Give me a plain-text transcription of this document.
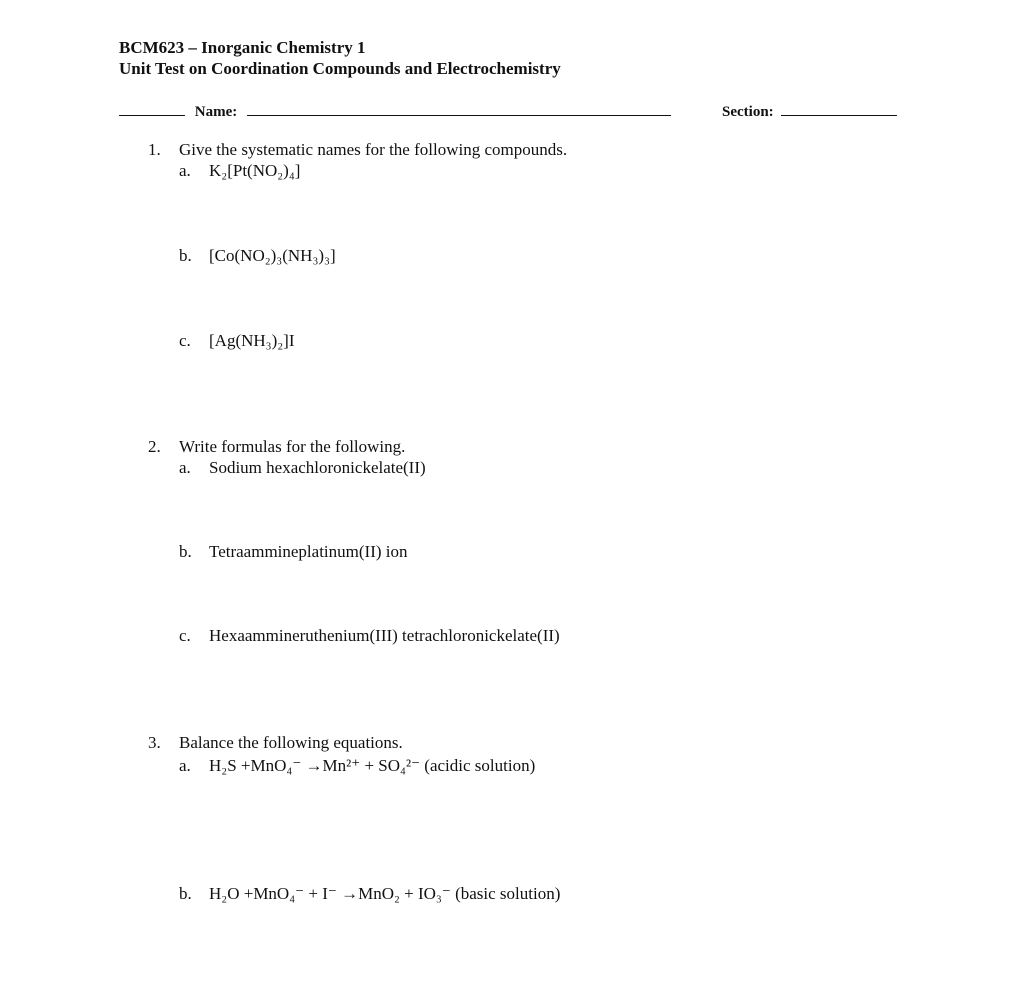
BCM623 – Inorganic Chemistry 1
Unit Test on Coordination Compounds and Electrochemistry
Name:	Section:
1. Give the systematic names for the following compounds.
a. K₂[Pt(NO₂)₄]
b. [Co(NO₂)₃(NH₃)₃]
c. [Ag(NH₃)₂]I
2. Write formulas for the following.
a. Sodium hexachloronickelate(II)
b. Tetraammineplatinum(II) ion
c. Hexaammineruthenium(III) tetrachloronickelate(II)
3. Balance the following equations.
a. H₂S +MnO₄⁻ →Mn²⁺ + SO₄²⁻ (acidic solution)
b. H₂O +MnO₄⁻ + I⁻ →MnO₂ + IO₃⁻ (basic solution)
